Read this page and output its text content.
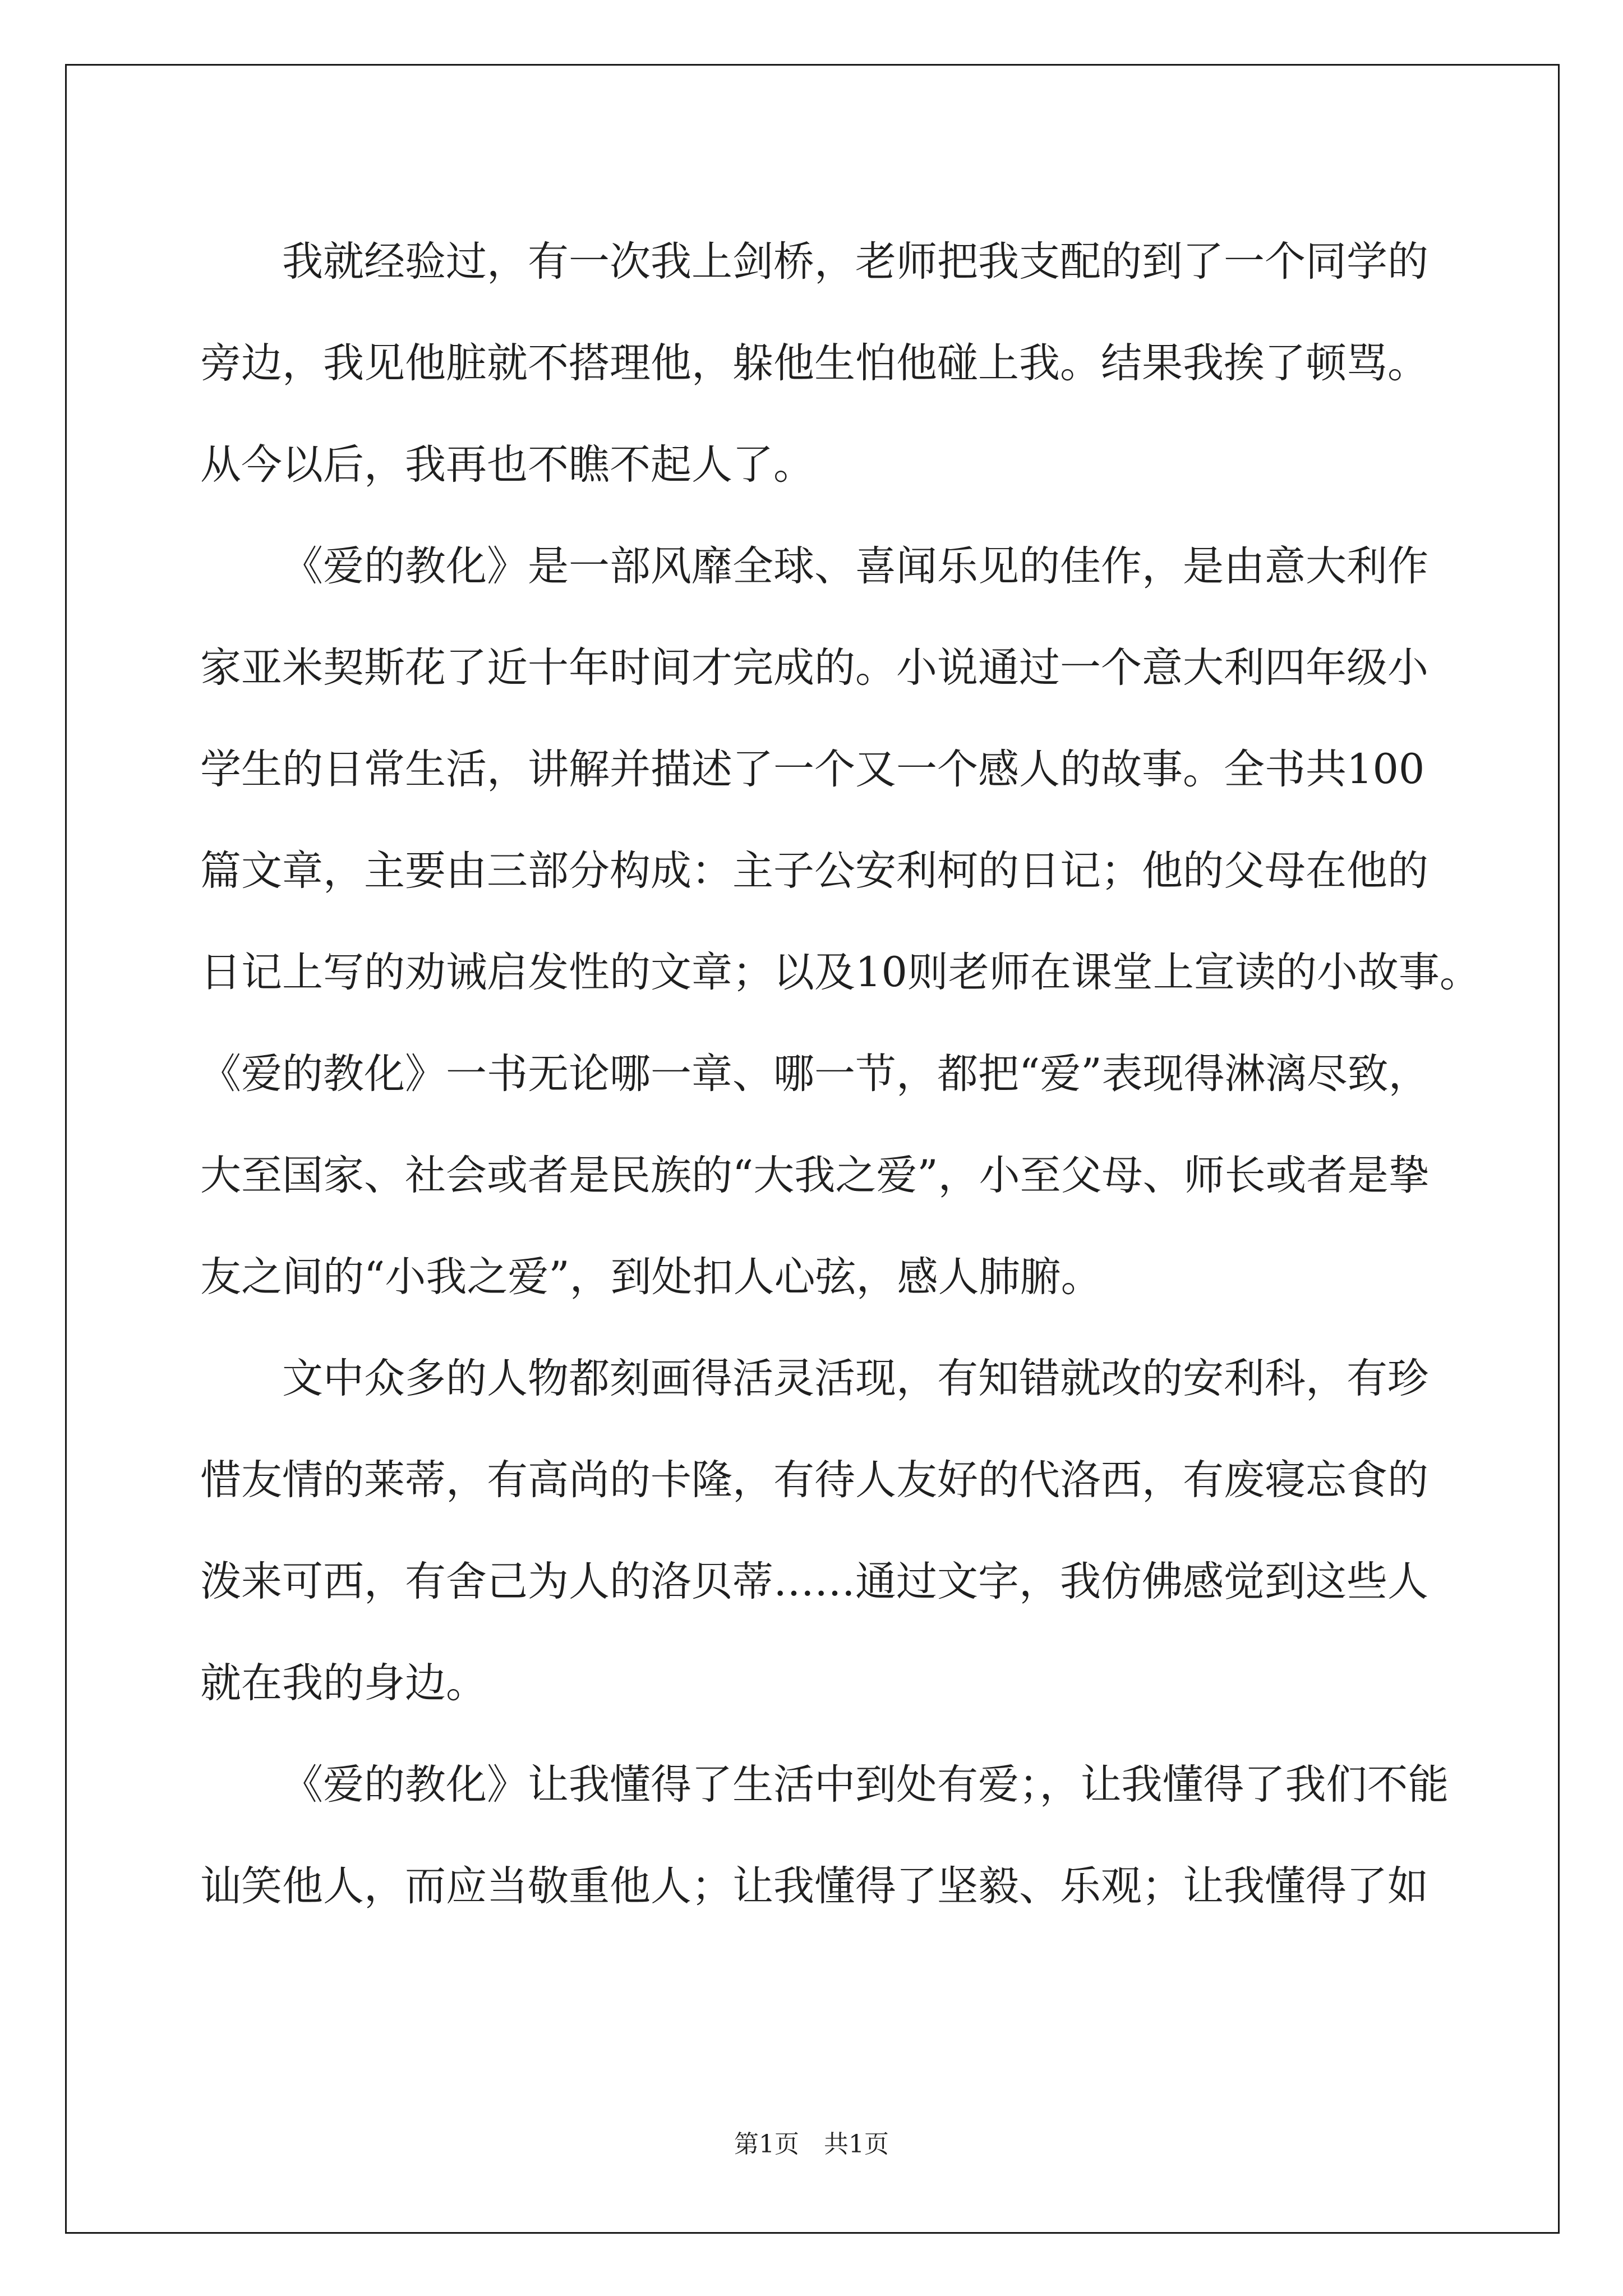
我就经验过，有一次我上剑桥，老师把我支配的到了一个同学的
旁边，我见他脏就不搭理他，躲他生怕他碰上我。结果我挨了顿骂。
从今以后，我再也不瞧不起人了。
《爱的教化》是一部风靡全球、喜闻乐见的佳作，是由意大利作
家亚米契斯花了近十年时间才完成的。小说通过一个意大利四年级小
学生的日常生活，讲解并描述了一个又一个感人的故事。全书共100
篇文章，主要由三部分构成：主子公安利柯的日记；他的父母在他的
日记上写的劝诫启发性的文章；以及10则老师在课堂上宣读的小故事。
《爱的教化》一书无论哪一章、哪一节，都把“爱”表现得淋漓尽致，
大至国家、社会或者是民族的“大我之爱”，小至父母、师长或者是挚
友之间的“小我之爱”，到处扣人心弦，感人肺腑。
文中众多的人物都刻画得活灵活现，有知错就改的安利科，有珍
惜友情的莱蒂，有高尚的卡隆，有待人友好的代洛西，有废寝忘食的
泼来可西，有舍己为人的洛贝蒂……通过文字，我仿佛感觉到这些人
就在我的身边。
《爱的教化》让我懂得了生活中到处有爱；，让我懂得了我们不能
讪笑他人，而应当敬重他人；让我懂得了坚毅、乐观；让我懂得了如
第1页　共1页
